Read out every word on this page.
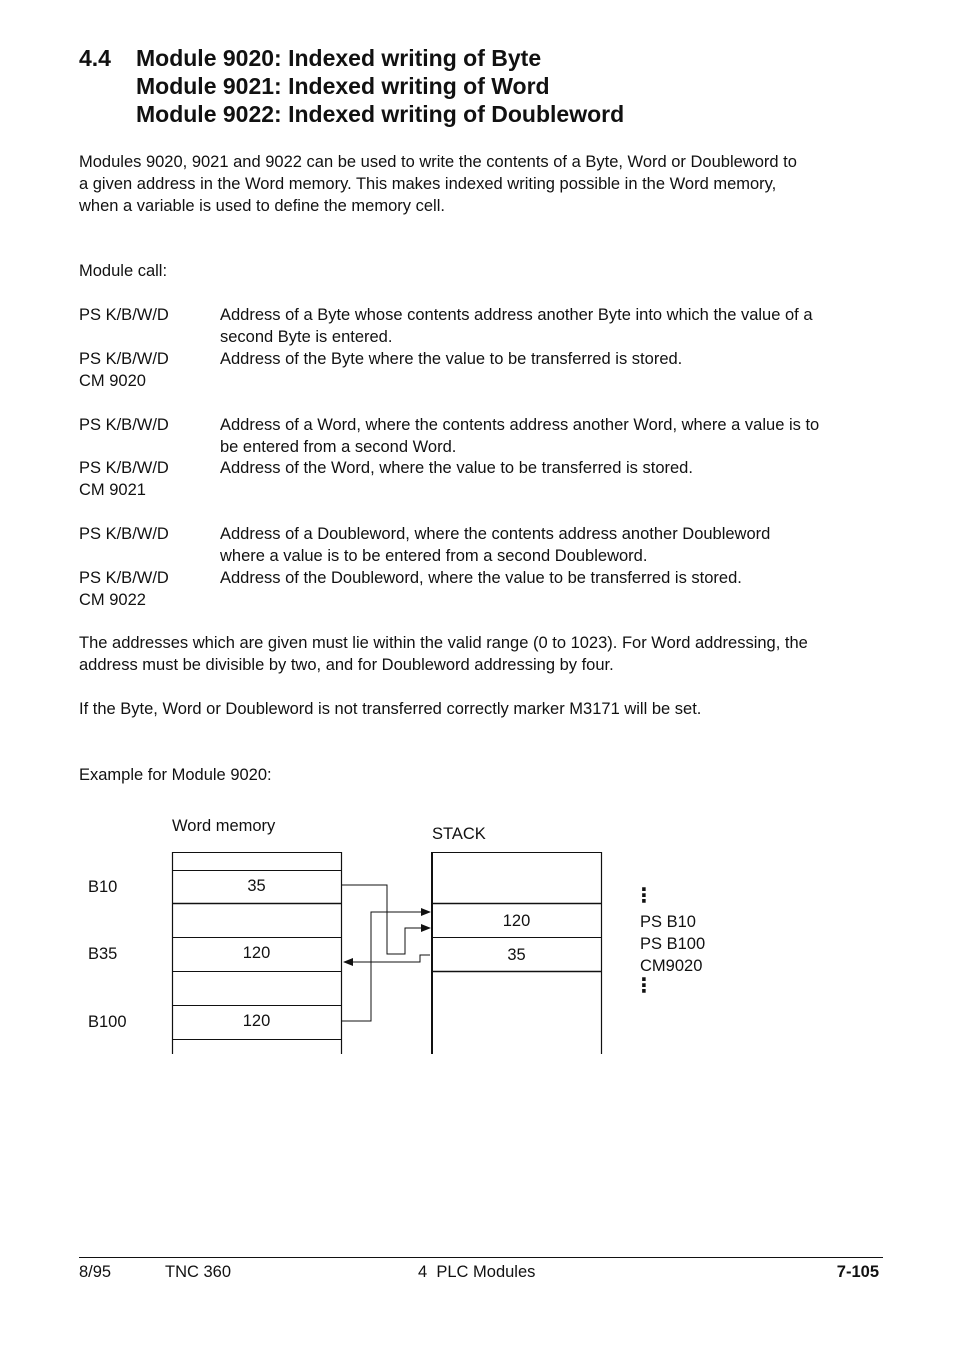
4.4 Module 9020: Indexed writing of Byte
Module 9021: Indexed writing of Word
Module 9022: Indexed writing of Doubleword
Modules 9020, 9021 and 9022 can be used to write the contents of a Byte, Word or Doubleword to
a given address in the Word memory. This makes indexed writing possible in the Word memory,
when a variable is used to define the memory cell.
Module call:
PS K/B/W/D	Address of a Byte whose contents address another Byte into which the value of a
second Byte is entered.
PS K/B/W/D	Address of the Byte where the value to be transferred is stored.
CM 9020
PS K/B/W/D	Address of a Word, where the contents address another Word, where a value is to
be entered from a second Word.
PS K/B/W/D	Address of the Word, where the value to be transferred is stored.
CM 9021
PS K/B/W/D	Address of a Doubleword, where the contents address another Doubleword
where a value is to be entered from a second Doubleword.
PS K/B/W/D	Address of the Doubleword, where the value to be transferred is stored.
CM 9022
The addresses which are given must lie within the valid range (0 to 1023). For Word addressing, the
address must be divisible by two, and for Doubleword addressing by four.
If the Byte, Word or Doubleword is not transferred correctly marker M3171 will be set.
Example for Module 9020:
Word memory	STACK
B10
B35
B100
35
120
120
120
35
⋮
PS B10
PS B100
CM9020
⋮
8/95	TNC 360	4  PLC Modules	7-105
